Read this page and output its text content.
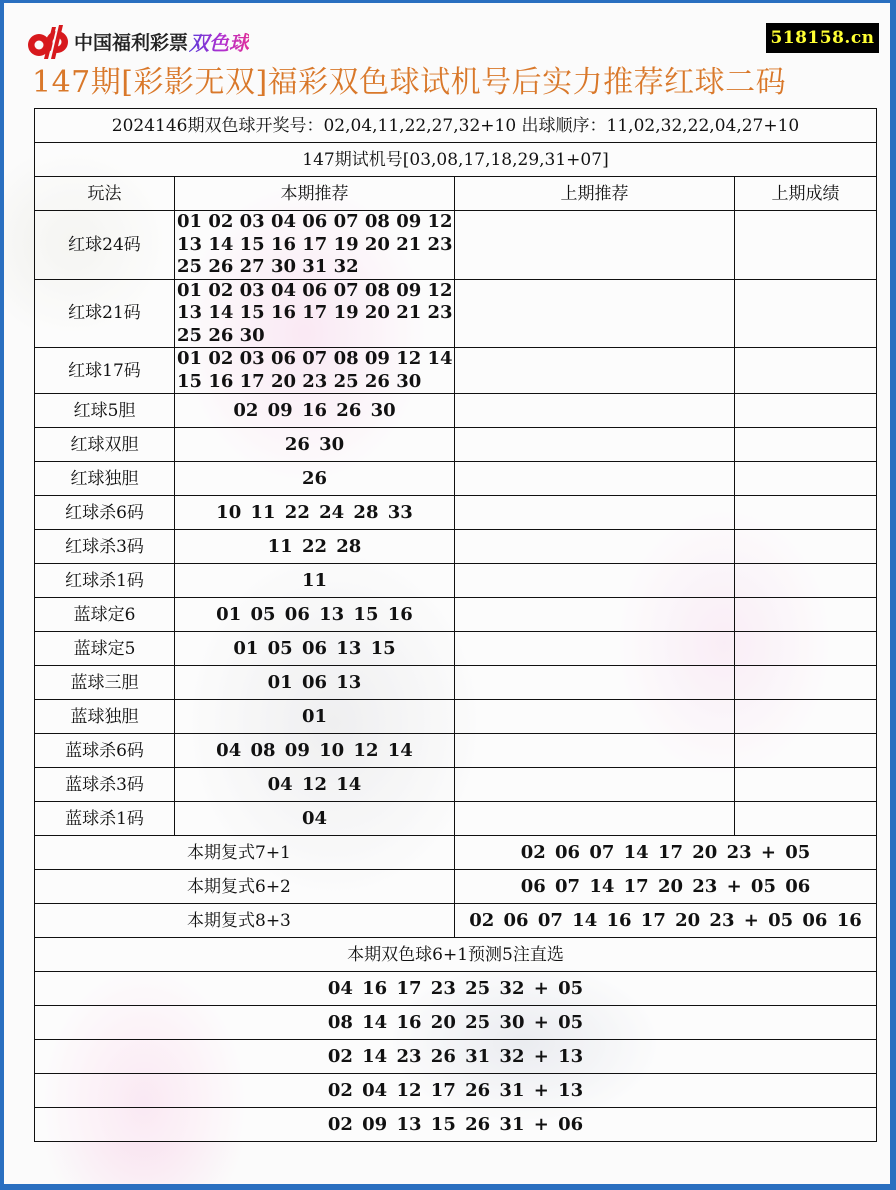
中国福利彩票 双色球	518158.cn
147期[彩影无双]福彩双色球试机号后实力推荐红球二码
2024146期双色球开奖号：02,04,11,22,27,32+10 出球顺序：11,02,32,22,04,27+10			
147期试机号[03,08,17,18,29,31+07]			
玩法	本期推荐	上期推荐	上期成绩
红球24码	01 02 03 04 06 07 08 09 12
13 14 15 16 17 19 20 21 23
25 26 27 30 31 32		

红球21码	01 02 03 04 06 07 08 09 12
13 14 15 16 17 19 20 21 23
25 26 30		

红球17码	01 02 03 06 07 08 09 12 14
15 16 17 20 23 25 26 30		

红球5胆	02 09 16 26 30		
红球双胆	26 30		
红球独胆	26		
红球杀6码	10 11 22 24 28 33		
红球杀3码	11 22 28		
红球杀1码	11		
蓝球定6	01 05 06 13 15 16		
蓝球定5	01 05 06 13 15		
蓝球三胆	01 06 13		
蓝球独胆	01		
蓝球杀6码	04 08 09 10 12 14		
蓝球杀3码	04 12 14		
蓝球杀1码	04		
本期复式7+1		02 06 07 14 17 20 23 + 05	
本期复式6+2		06 07 14 17 20 23 + 05 06	
本期复式8+3		02 06 07 14 16 17 20 23 + 05 06 16	
本期双色球6+1预测5注直选			
04 16 17 23 25 32 + 05			
08 14 16 20 25 30 + 05			
02 14 23 26 31 32 + 13			
02 04 12 17 26 31 + 13			
02 09 13 15 26 31 + 06			
